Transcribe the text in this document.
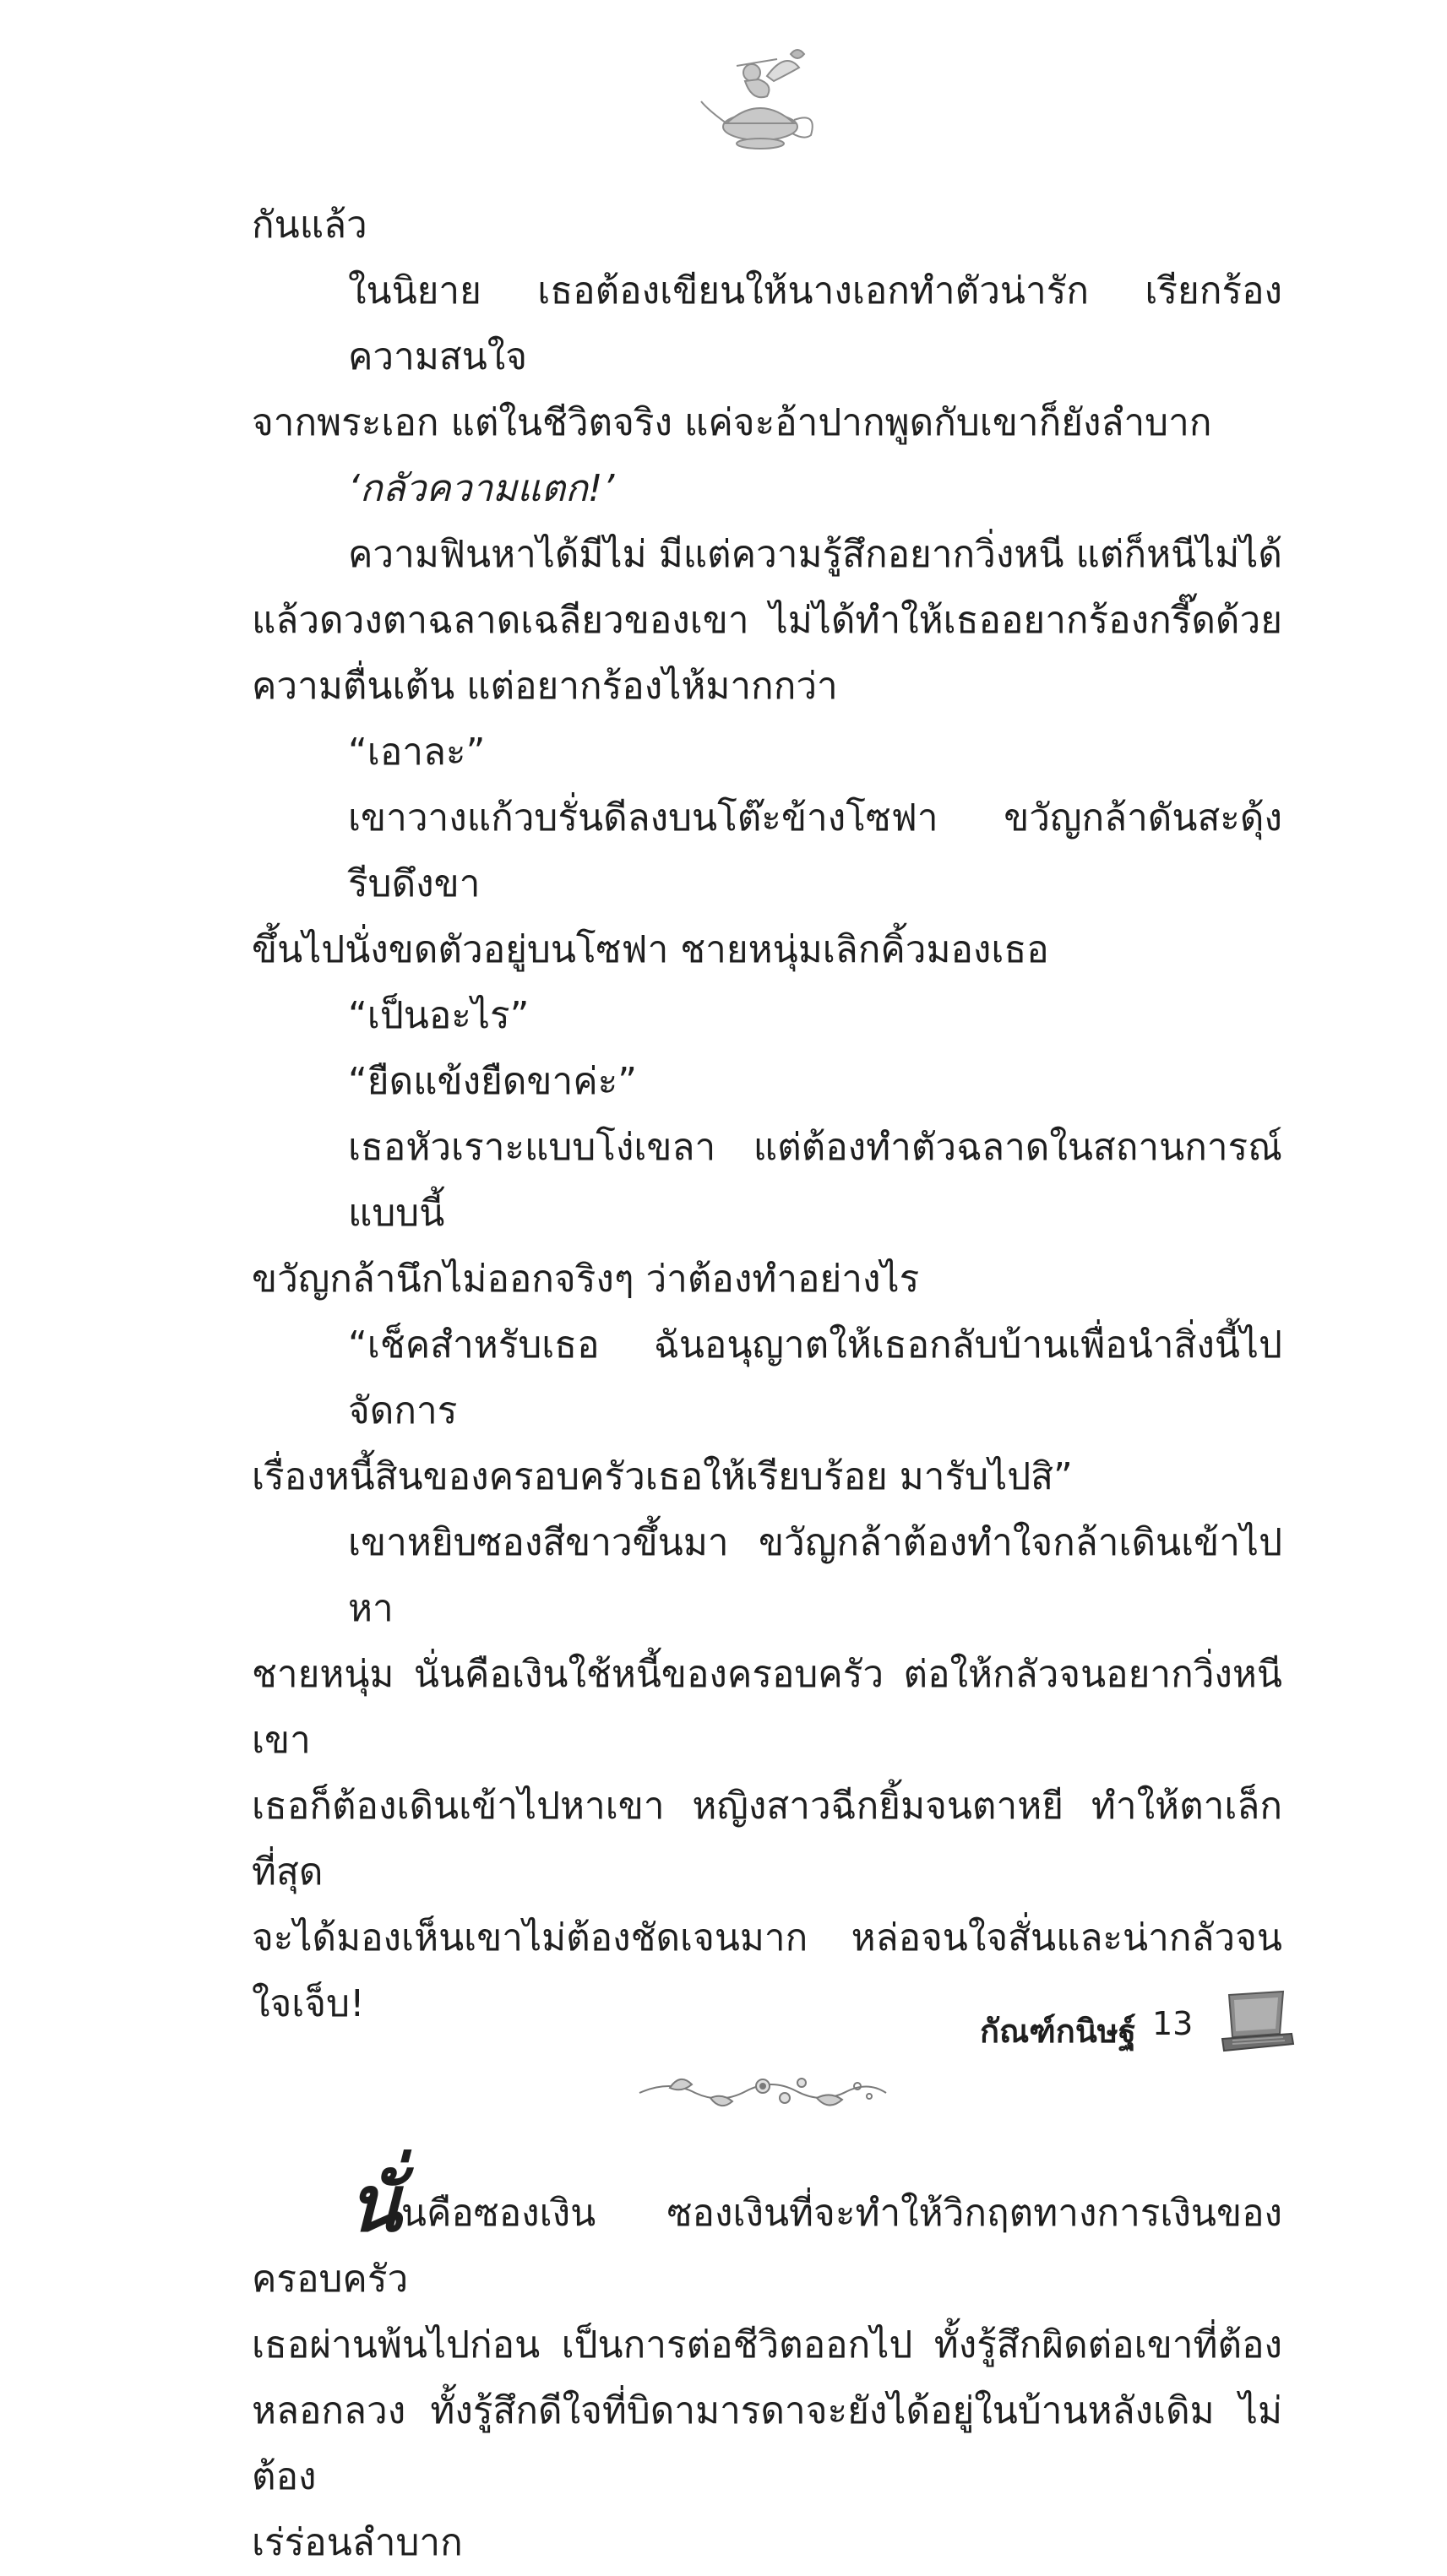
กันแล้ว

ในนิยาย เธอต้องเขียนให้นางเอกทำตัวน่ารัก เรียกร้องความสนใจ

จากพระเอก แต่ในชีวิตจริง แค่จะอ้าปากพูดกับเขาก็ยังลำบาก

‘กลัวความแตก!’

ความฟินหาได้มีไม่ มีแต่ความรู้สึกอยากวิ่งหนี แต่ก็หนีไม่ได้

แล้วดวงตาฉลาดเฉลียวของเขา ไม่ได้ทำให้เธออยากร้องกรี๊ดด้วย

ความตื่นเต้น แต่อยากร้องไห้มากกว่า

“เอาละ”

เขาวางแก้วบรั่นดีลงบนโต๊ะข้างโซฟา ขวัญกล้าดันสะดุ้ง รีบดึงขา

ขึ้นไปนั่งขดตัวอยู่บนโซฟา ชายหนุ่มเลิกคิ้วมองเธอ

“เป็นอะไร”

“ยืดแข้งยืดขาค่ะ”

เธอหัวเราะแบบโง่เขลา แต่ต้องทำตัวฉลาดในสถานการณ์แบบนี้

ขวัญกล้านึกไม่ออกจริงๆ ว่าต้องทำอย่างไร

“เช็คสำหรับเธอ ฉันอนุญาตให้เธอกลับบ้านเพื่อนำสิ่งนี้ไปจัดการ

เรื่องหนี้สินของครอบครัวเธอให้เรียบร้อย มารับไปสิ”

เขาหยิบซองสีขาวขึ้นมา ขวัญกล้าต้องทำใจกล้าเดินเข้าไปหา

ชายหนุ่ม นั่นคือเงินใช้หนี้ของครอบครัว ต่อให้กลัวจนอยากวิ่งหนีเขา

เธอก็ต้องเดินเข้าไปหาเขา หญิงสาวฉีกยิ้มจนตาหยี ทำให้ตาเล็กที่สุด

จะได้มองเห็นเขาไม่ต้องชัดเจนมาก หล่อจนใจสั่นและน่ากลัวจนใจเจ็บ!

นั่นคือซองเงิน ซองเงินที่จะทำให้วิกฤตทางการเงินของครอบครัว

เธอผ่านพ้นไปก่อน เป็นการต่อชีวิตออกไป ทั้งรู้สึกผิดต่อเขาที่ต้อง

หลอกลวง ทั้งรู้สึกดีใจที่บิดามารดาจะยังได้อยู่ในบ้านหลังเดิม ไม่ต้อง

เร่ร่อนลำบาก

กัณฑ์กนิษฐ์ 13
